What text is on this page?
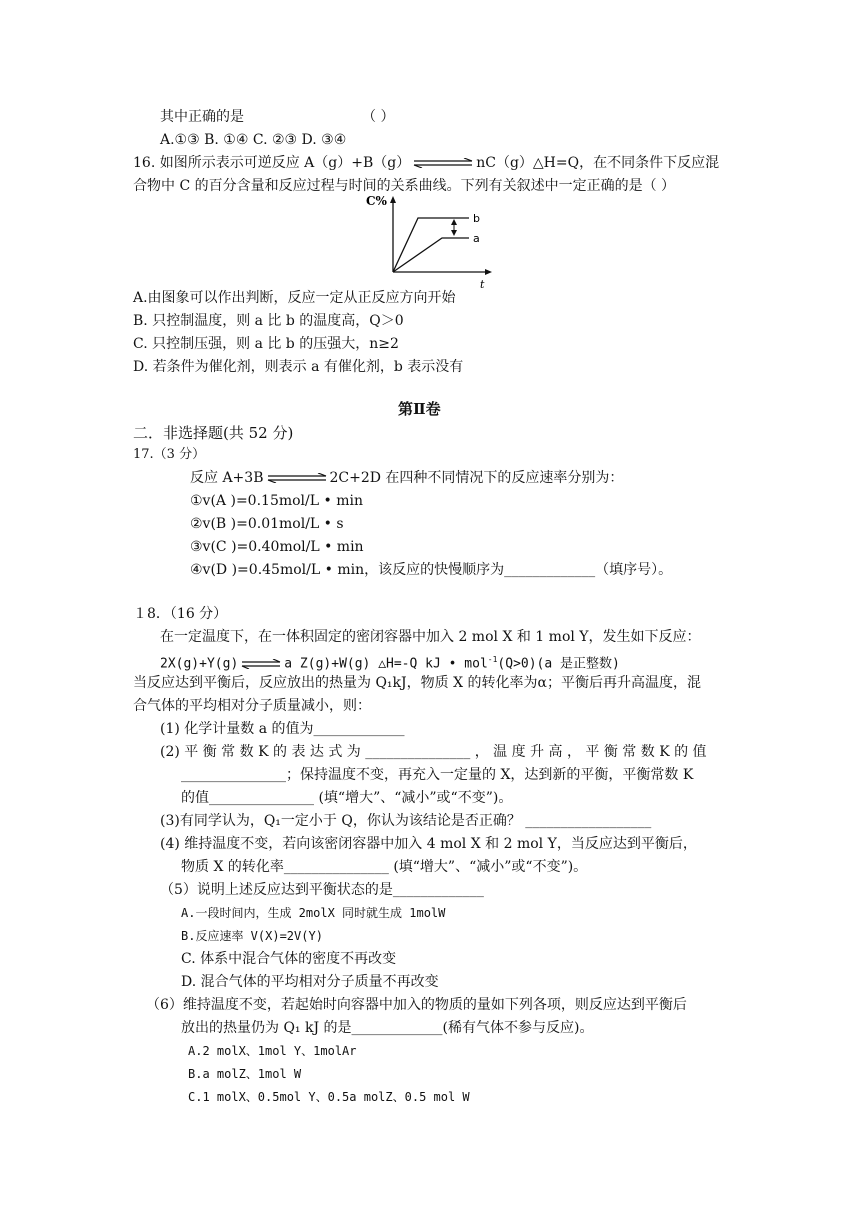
其中正确的是	（ ）
A.①③ B. ①④ C. ②③ D. ③④
16. 如图所示表示可逆反应 A（g）+B（g）	nC（g）△H=Q，在不同条件下反应混
合物中 C 的百分含量和反应过程与时间的关系曲线。下列有关叙述中一定正确的是（ ）
C%
t
b
a
A.由图象可以作出判断，反应一定从正反应方向开始
B. 只控制温度，则 a 比 b 的温度高，Q＞0
C. 只控制压强，则 a 比 b 的压强大，n≥2
D. 若条件为催化剂，则表示 a 有催化剂，b 表示没有
第Ⅱ卷
二．非选择题(共 52 分)
17.（3 分）
反应 A+3B	2C+2D 在四种不同情况下的反应速率分别为：
①v(A )=0.15mol/L • min
②v(B )=0.01mol/L • s
③v(C )=0.40mol/L • min
④v(D )=0.45mol/L • min，该反应的快慢顺序为_____________（填序号）。
１8．（16 分）
在一定温度下，在一体积固定的密闭容器中加入 2 mol X 和 1 mol Y，发生如下反应：
2X(g)+Y(g) ⇌ a Z(g)+W(g) △H=-Q kJ • mol$^{-1}$(Q>0)(a 是正整数)
当反应达到平衡后，反应放出的热量为 Q₁kJ，物质 X 的转化率为α；平衡后再升高温度，混
合气体的平均相对分子质量减小，则：
(1) 化学计量数 a 的值为_____________
(2) 平 衡 常 数 K 的 表 达 式 为 _______________ ， 温 度 升 高 ， 平 衡 常 数 K 的 值
_______________；保持温度不变，再充入一定量的 X，达到新的平衡，平衡常数 K
的值_______________ (填“增大”、“减小”或“不变”)。
(3)有同学认为，Q₁一定小于 Q，你认为该结论是否正确？ __________________
(4) 维持温度不变，若向该密闭容器中加入 4 mol X 和 2 mol Y，当反应达到平衡后，
物质 X 的转化率_______________ (填“增大”、“减小”或“不变”)。
（5）说明上述反应达到平衡状态的是_____________
A.一段时间内，生成 2molX 同时就生成 1molW
B.反应速率 V(X)=2V(Y)
C. 体系中混合气体的密度不再改变
D. 混合气体的平均相对分子质量不再改变
（6）维持温度不变，若起始时向容器中加入的物质的量如下列各项，则反应达到平衡后
放出的热量仍为 Q₁ kJ 的是_____________(稀有气体不参与反应)。
A.2 molX、1mol Y、1molAr
B.a molZ、1mol W
C.1 molX、0.5mol Y、0.5a molZ、0.5 mol W
